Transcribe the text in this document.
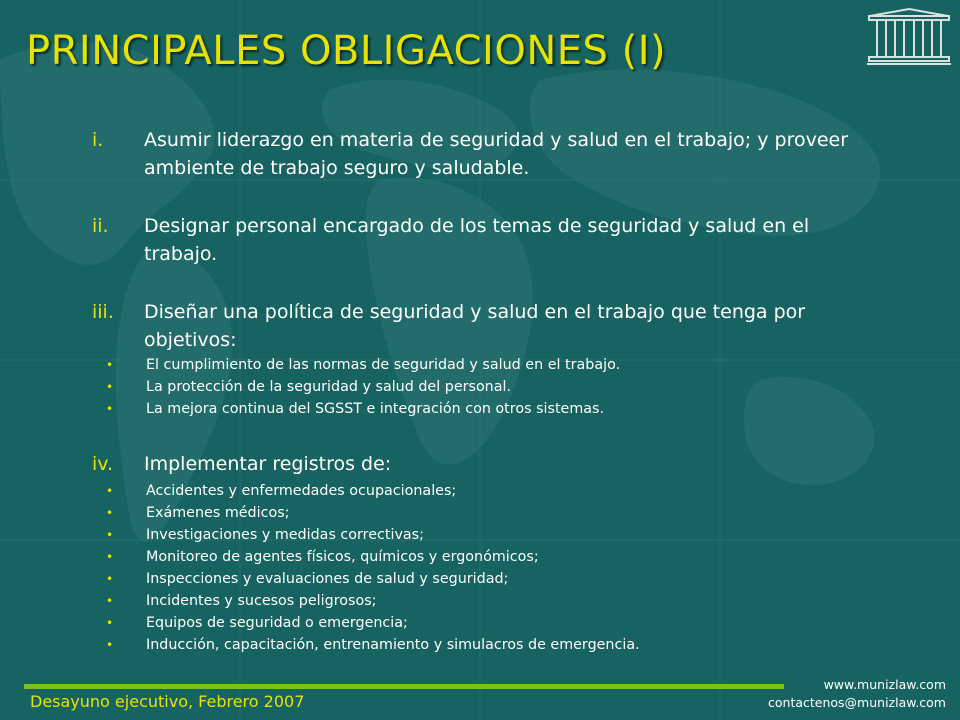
PRINCIPALES OBLIGACIONES (I)
i.	Asumir liderazgo en materia de seguridad y salud en el trabajo; y proveer ambiente de trabajo seguro y saludable.
ii.	Designar personal encargado de los temas de seguridad y salud en el trabajo.
iii.	Diseñar una política de seguridad y salud en el trabajo que tenga por objetivos:
• El cumplimiento de las normas de seguridad y salud en el trabajo.
• La protección de la seguridad y salud del personal.
• La mejora continua del SGSST e integración con otros sistemas.
iv.	Implementar registros de:
• Accidentes y enfermedades ocupacionales;
• Exámenes médicos;
• Investigaciones y medidas correctivas;
• Monitoreo de agentes físicos, químicos y ergonómicos;
• Inspecciones y evaluaciones de salud y seguridad;
• Incidentes y sucesos peligrosos;
• Equipos de seguridad o emergencia;
• Inducción, capacitación, entrenamiento y simulacros de emergencia.
Desayuno ejecutivo, Febrero 2007
www.munizlaw.com
contactenos@munizlaw.com
